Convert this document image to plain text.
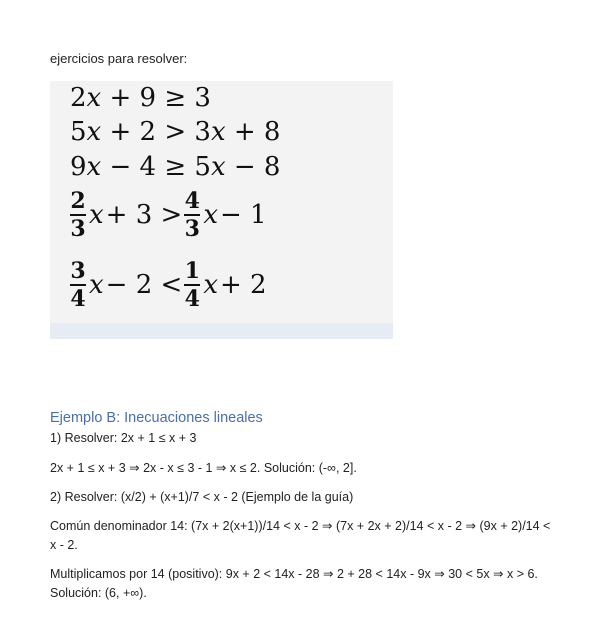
ejercicios para resolver:
2x + 9 ≥ 3
5x + 2 > 3x + 8
9x − 4 ≥ 5x − 8
$\frac{2}{3}$ $x + 3 > \frac{4}{3}$ x − 1
$\frac{3}{4}$ $x - 2 < \frac{1}{4}$ x + 2
Ejemplo B: Inecuaciones lineales
1) Resolver: 2x + 1 ≤ x + 3
2x + 1 ≤ x + 3 ⇒ 2x - x ≤ 3 - 1 ⇒ x ≤ 2. Solución: (-∞, 2].
2) Resolver: (x/2) + (x+1)/7 < x - 2 (Ejemplo de la guía)
Común denominador 14: (7x + 2(x+1))/14 < x - 2 ⇒ (7x + 2x + 2)/14 < x - 2 ⇒ (9x + 2)/14 < x - 2.
Multiplicamos por 14 (positivo): 9x + 2 < 14x - 28 ⇒ 2 + 28 < 14x - 9x ⇒ 30 < 5x ⇒ x > 6. Solución: (6, +∞).
